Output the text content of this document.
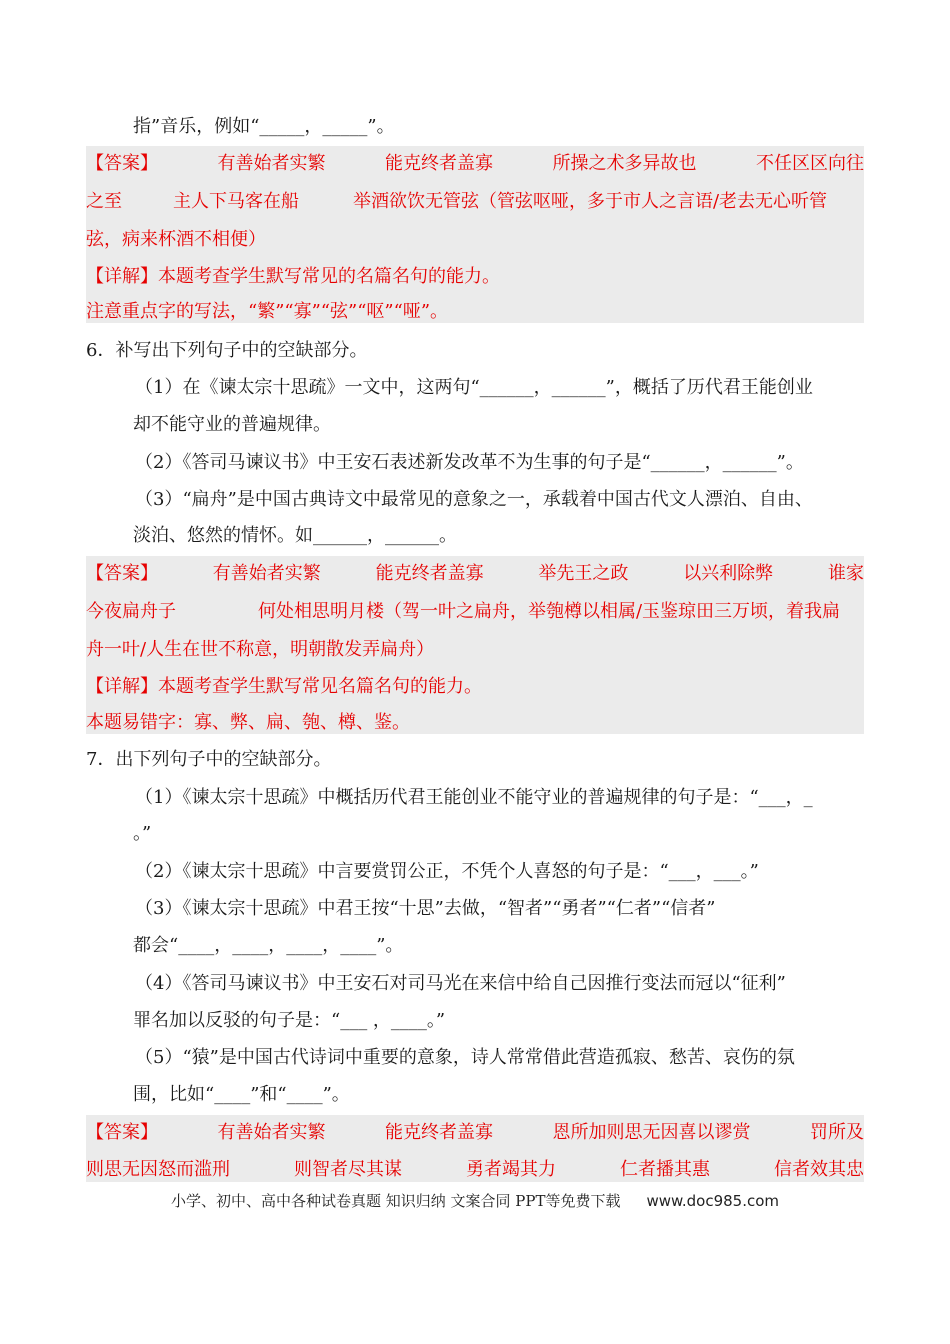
指”音乐，例如“_____，_____”。
【答案】	有善始者实繁	能克终者盖寡	所操之术多异故也	不任区区向往
之至	主人下马客在船	举酒欲饮无管弦（管弦呕哑，多于市人之言语/老去无心听管
弦，病来杯酒不相便）
【详解】本题考查学生默写常见的名篇名句的能力。
注意重点字的写法，“繁”“寡”“弦”“呕”“哑”。
6．补写出下列句子中的空缺部分。
（1）在《谏太宗十思疏》一文中，这两句“______，______”，概括了历代君王能创业
却不能守业的普遍规律。
（2）《答司马谏议书》中王安石表述新发改革不为生事的句子是“______，______”。
（3）“扁舟”是中国古典诗文中最常见的意象之一，承载着中国古代文人漂泊、自由、
淡泊、悠然的情怀。如______，______。
【答案】	有善始者实繁	能克终者盖寡	举先王之政	以兴利除弊	谁家
今夜扁舟子	何处相思明月楼（驾一叶之扁舟，举匏樽以相属/玉鉴琼田三万顷，着我扁
舟一叶/人生在世不称意，明朝散发弄扁舟）
【详解】本题考查学生默写常见名篇名句的能力。
本题易错字：寡、弊、扁、匏、樽、鉴。
7．出下列句子中的空缺部分。
（1）《谏太宗十思疏》中概括历代君王能创业不能守业的普遍规律的句子是：“___，_
。”
（2）《谏太宗十思疏》中言要赏罚公正，不凭个人喜怒的句子是：“___，___。”
（3）《谏太宗十思疏》中君王按“十思”去做，“智者”“勇者”“仁者”“信者”
都会“____，____，____，____”。
（4）《答司马谏议书》中王安石对司马光在来信中给自己因推行变法而冠以“征利”
罪名加以反驳的句子是：“___ ，____。”
（5）“猿”是中国古代诗词中重要的意象，诗人常常借此营造孤寂、愁苦、哀伤的氛
围，比如“____”和“____”。
【答案】	有善始者实繁	能克终者盖寡	恩所加则思无因喜以谬赏	罚所及
则思无因怒而滥刑	则智者尽其谋	勇者竭其力	仁者播其惠	信者效其忠
小学、初中、高中各种试卷真题 知识归纳 文案合同 PPT等免费下载 www.doc985.com
